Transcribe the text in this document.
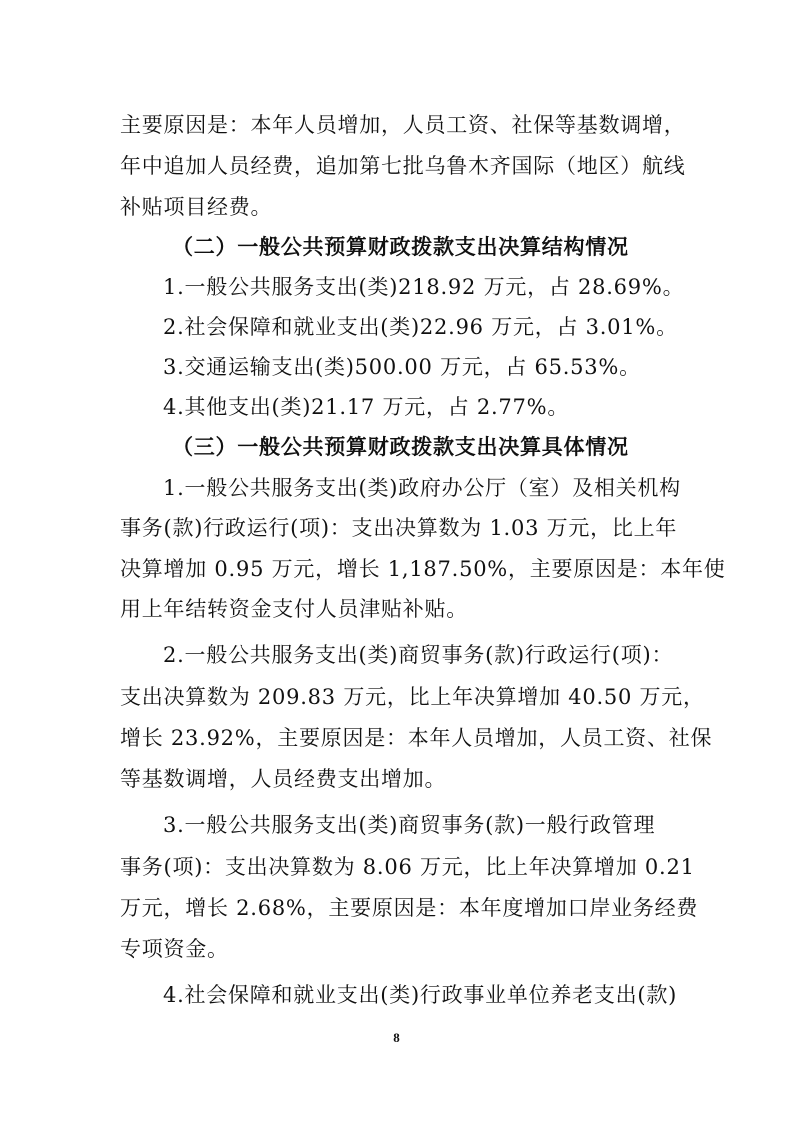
主要原因是：本年人员增加，人员工资、社保等基数调增，
年中追加人员经费，追加第七批乌鲁木齐国际（地区）航线
补贴项目经费。
（二）一般公共预算财政拨款支出决算结构情况
1.一般公共服务支出(类)218.92 万元，占 28.69%。
2.社会保障和就业支出(类)22.96 万元，占 3.01%。
3.交通运输支出(类)500.00 万元，占 65.53%。
4.其他支出(类)21.17 万元，占 2.77%。
（三）一般公共预算财政拨款支出决算具体情况
1.一般公共服务支出(类)政府办公厅（室）及相关机构
事务(款)行政运行(项)：支出决算数为 1.03 万元，比上年
决算增加 0.95 万元，增长 1,187.50%，主要原因是：本年使
用上年结转资金支付人员津贴补贴。
2.一般公共服务支出(类)商贸事务(款)行政运行(项)：
支出决算数为 209.83 万元，比上年决算增加 40.50 万元，
增长 23.92%，主要原因是：本年人员增加，人员工资、社保
等基数调增，人员经费支出增加。
3.一般公共服务支出(类)商贸事务(款)一般行政管理
事务(项)：支出决算数为 8.06 万元，比上年决算增加 0.21
万元，增长 2.68%，主要原因是：本年度增加口岸业务经费
专项资金。
4.社会保障和就业支出(类)行政事业单位养老支出(款)
8
